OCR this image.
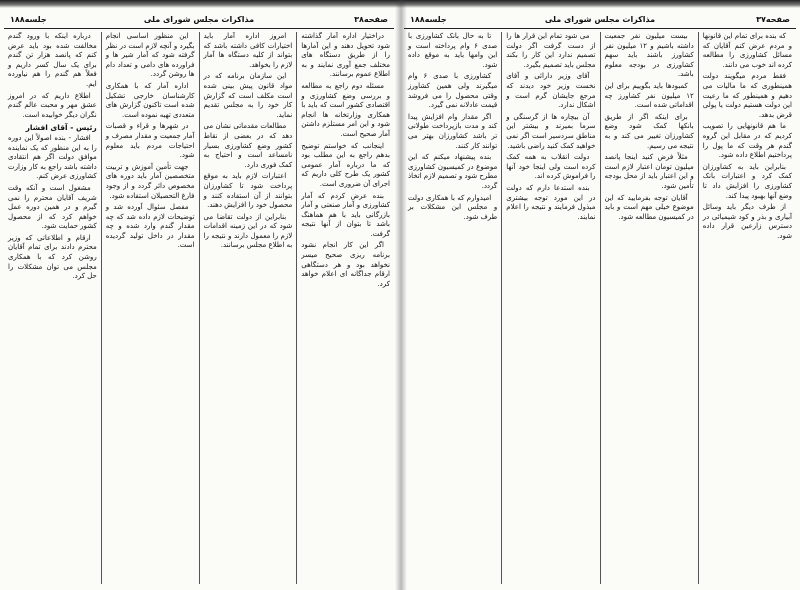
صفحه۳۸
مذاکرات مجلس شورای ملی
جلسه۱۸۸

دراختیار اداره آمار گذاشته شود تحویل دهند و این آمارها را از طریق دستگاه های مختلف جمع آوری نمایند و به اطلاع عموم برسانند.

مسئله دوم راجع به مطالعه و بررسی وضع کشاورزی و اقتصادی کشور است که باید با همکاری وزارتخانه ها انجام شود و این امر مستلزم داشتن آمار صحیح است.

اینجانب که خواستم توضیح بدهم راجع به این مطلب بود که ما درباره آمار عمومی کشور یک طرح کلی داریم که اجرای آن ضروری است.

بنده عرض کردم که آمار کشاورزی و آمار صنعتی و آمار بازرگانی باید با هم هماهنگ باشد تا بتوان از آنها نتیجه گرفت.

اگر این کار انجام نشود برنامه ریزی صحیح میسر نخواهد بود و هر دستگاهی ارقام جداگانه ای اعلام خواهد کرد.

امروز اداره آمار باید اختیارات کافی داشته باشد که بتواند از کلیه دستگاه ها آمار لازم را بخواهد.

این سازمان برنامه که در مواد قانون پیش بینی شده است مکلف است که گزارش کار خود را به مجلس تقدیم نماید.

مطالعات مقدماتی نشان می دهد که در بعضی از نقاط کشور وضع کشاورزی بسیار نامساعد است و احتیاج به کمک فوری دارد.

اعتبارات لازم باید به موقع پرداخت شود تا کشاورزان بتوانند از آن استفاده کنند و محصول خود را افزایش دهند.

بنابراین از دولت تقاضا می شود که در این زمینه اقدامات لازم را معمول دارند و نتیجه را به اطلاع مجلس برسانند.

این منظور اساسی انجام بگیرد و آنچه لازم است در نظر گرفته شود که آمار شیر ها و فراورده های دامی و تعداد دام ها روشن گردد.

اداره آمار که با همکاری کارشناسان خارجی تشکیل شده است تاکنون گزارش های متعددی تهیه نموده است.

در شهرها و قراء و قصبات آمار جمعیت و مقدار مصرف و احتیاجات مردم باید معلوم شود.

جهت تأمین آموزش و تربیت متخصصین آمار باید دوره های مخصوص دائر گردد و از وجود فارغ التحصیلان استفاده شود.

مفصل سئوال آورده شد و توضیحات لازم داده شد که چه مقدار گندم وارد شده و چه مقدار در داخل تولید گردیده است.

درباره اینکه با ورود گندم مخالفت شده بود باید عرض کنم که پانصد هزار تن گندم برای یک سال کسر داریم و فعلاً هم گندم را هم نیاورده ایم.

اطلاع داریم که در امروز عشق مهر و محبت عالم گندم نگران دیگر خوابیده است.

رئیس - آقای افشار

افشار - بنده اصولاً این دوره را به این منظور که یک نماینده موافق دولت اگر هم انتقادی داشته باشد راجع به کار وزارت کشاورزی عرض کنم.

مشغول است و آنکه وقت شریف آقایان محترم را نمی گیرم و در همین دوره عمل خواهم کرد که از محصول کشور حمایت شود.

ارقام و اطلاعاتی که وزیر محترم دادند برای تمام آقایان روشن کرد که با همکاری مجلس می توان مشکلات را حل کرد.

صفحه۳۷
مذاکرات مجلس شورای ملی
جلسه۱۸۸

که بنده برای تمام این قانونها و مردم عرض کنم آقایان که مسائل کشاورزی را مطالعه کرده اند خوب می دانند.

فقط مردم میگویند دولت همینطوری که ما مالیات می دهیم و همینطور که ما رعیت این دولت هستیم دولت یا پولی قرض بدهد.

ما هم قانونهایی را تصویب کردیم که در مقابل این گروه گندم هر وقت که ما پول را پرداختیم اطلاع داده شود.

بنابراین باید به کشاورزان کمک کرد و اعتبارات بانک کشاورزی را افزایش داد تا وضع آنها بهبود پیدا کند.

از طرف دیگر باید وسائل آبیاری و بذر و کود شیمیائی در دسترس زارعین قرار داده شود.

بیست میلیون نفر جمعیت داشته باشیم و ۱۲ میلیون نفر کشاورز باشند باید سهم کشاورزی در بودجه معلوم باشد.

کمبودها باید بگوییم برای این ۱۲ میلیون نفر کشاورز چه اقداماتی شده است.

برای اینکه اگر از طریق بانکها کمک شود وضع کشاورزان تغییر می کند و به نتیجه می رسیم.

مثلاً فرض کنید اینجا پانصد میلیون تومان اعتبار لازم است و این اعتبار باید از محل بودجه تأمین شود.

آقایان توجه بفرمایید که این موضوع خیلی مهم است و باید در کمیسیون مطالعه شود.

می شود تمام این قرار ها را از دست گرفت اگر دولت تصمیم ندارد این کار را بکند مجلس باید تصمیم بگیرد.

آقای وزیر دارائی و آقای نخست وزیر خود دیدند که مرجع جایشان گرم است و اشکال ندارد.

آن بیچاره ها از گرسنگی و سرما بمیرند و بیشتر این مناطق سردسیر است اگر نمی خواهید کمک کنید راضی باشید.

دولت انقلاب به همه کمک کرده است ولی اینجا خود آنها را فراموش کرده اند.

بنده استدعا دارم که دولت در این مورد توجه بیشتری مبذول فرمایند و نتیجه را اعلام نمایند.

تا به حال بانک کشاورزی با صدی ۶ وام پرداخته است و این وامها باید به موقع داده شود.

کشاورزی با صدی ۶ وام میگیرند ولی همین کشاورز وقتی محصول را می فروشد قیمت عادلانه نمی گیرد.

اگر مقدار وام افزایش پیدا کند و مدت بازپرداخت طولانی تر باشد کشاورزان بهتر می توانند کار کنند.

بنده پیشنهاد میکنم که این موضوع در کمیسیون کشاورزی مطرح شود و تصمیم لازم اتخاذ گردد.

امیدوارم که با همکاری دولت و مجلس این مشکلات بر طرف شود.
